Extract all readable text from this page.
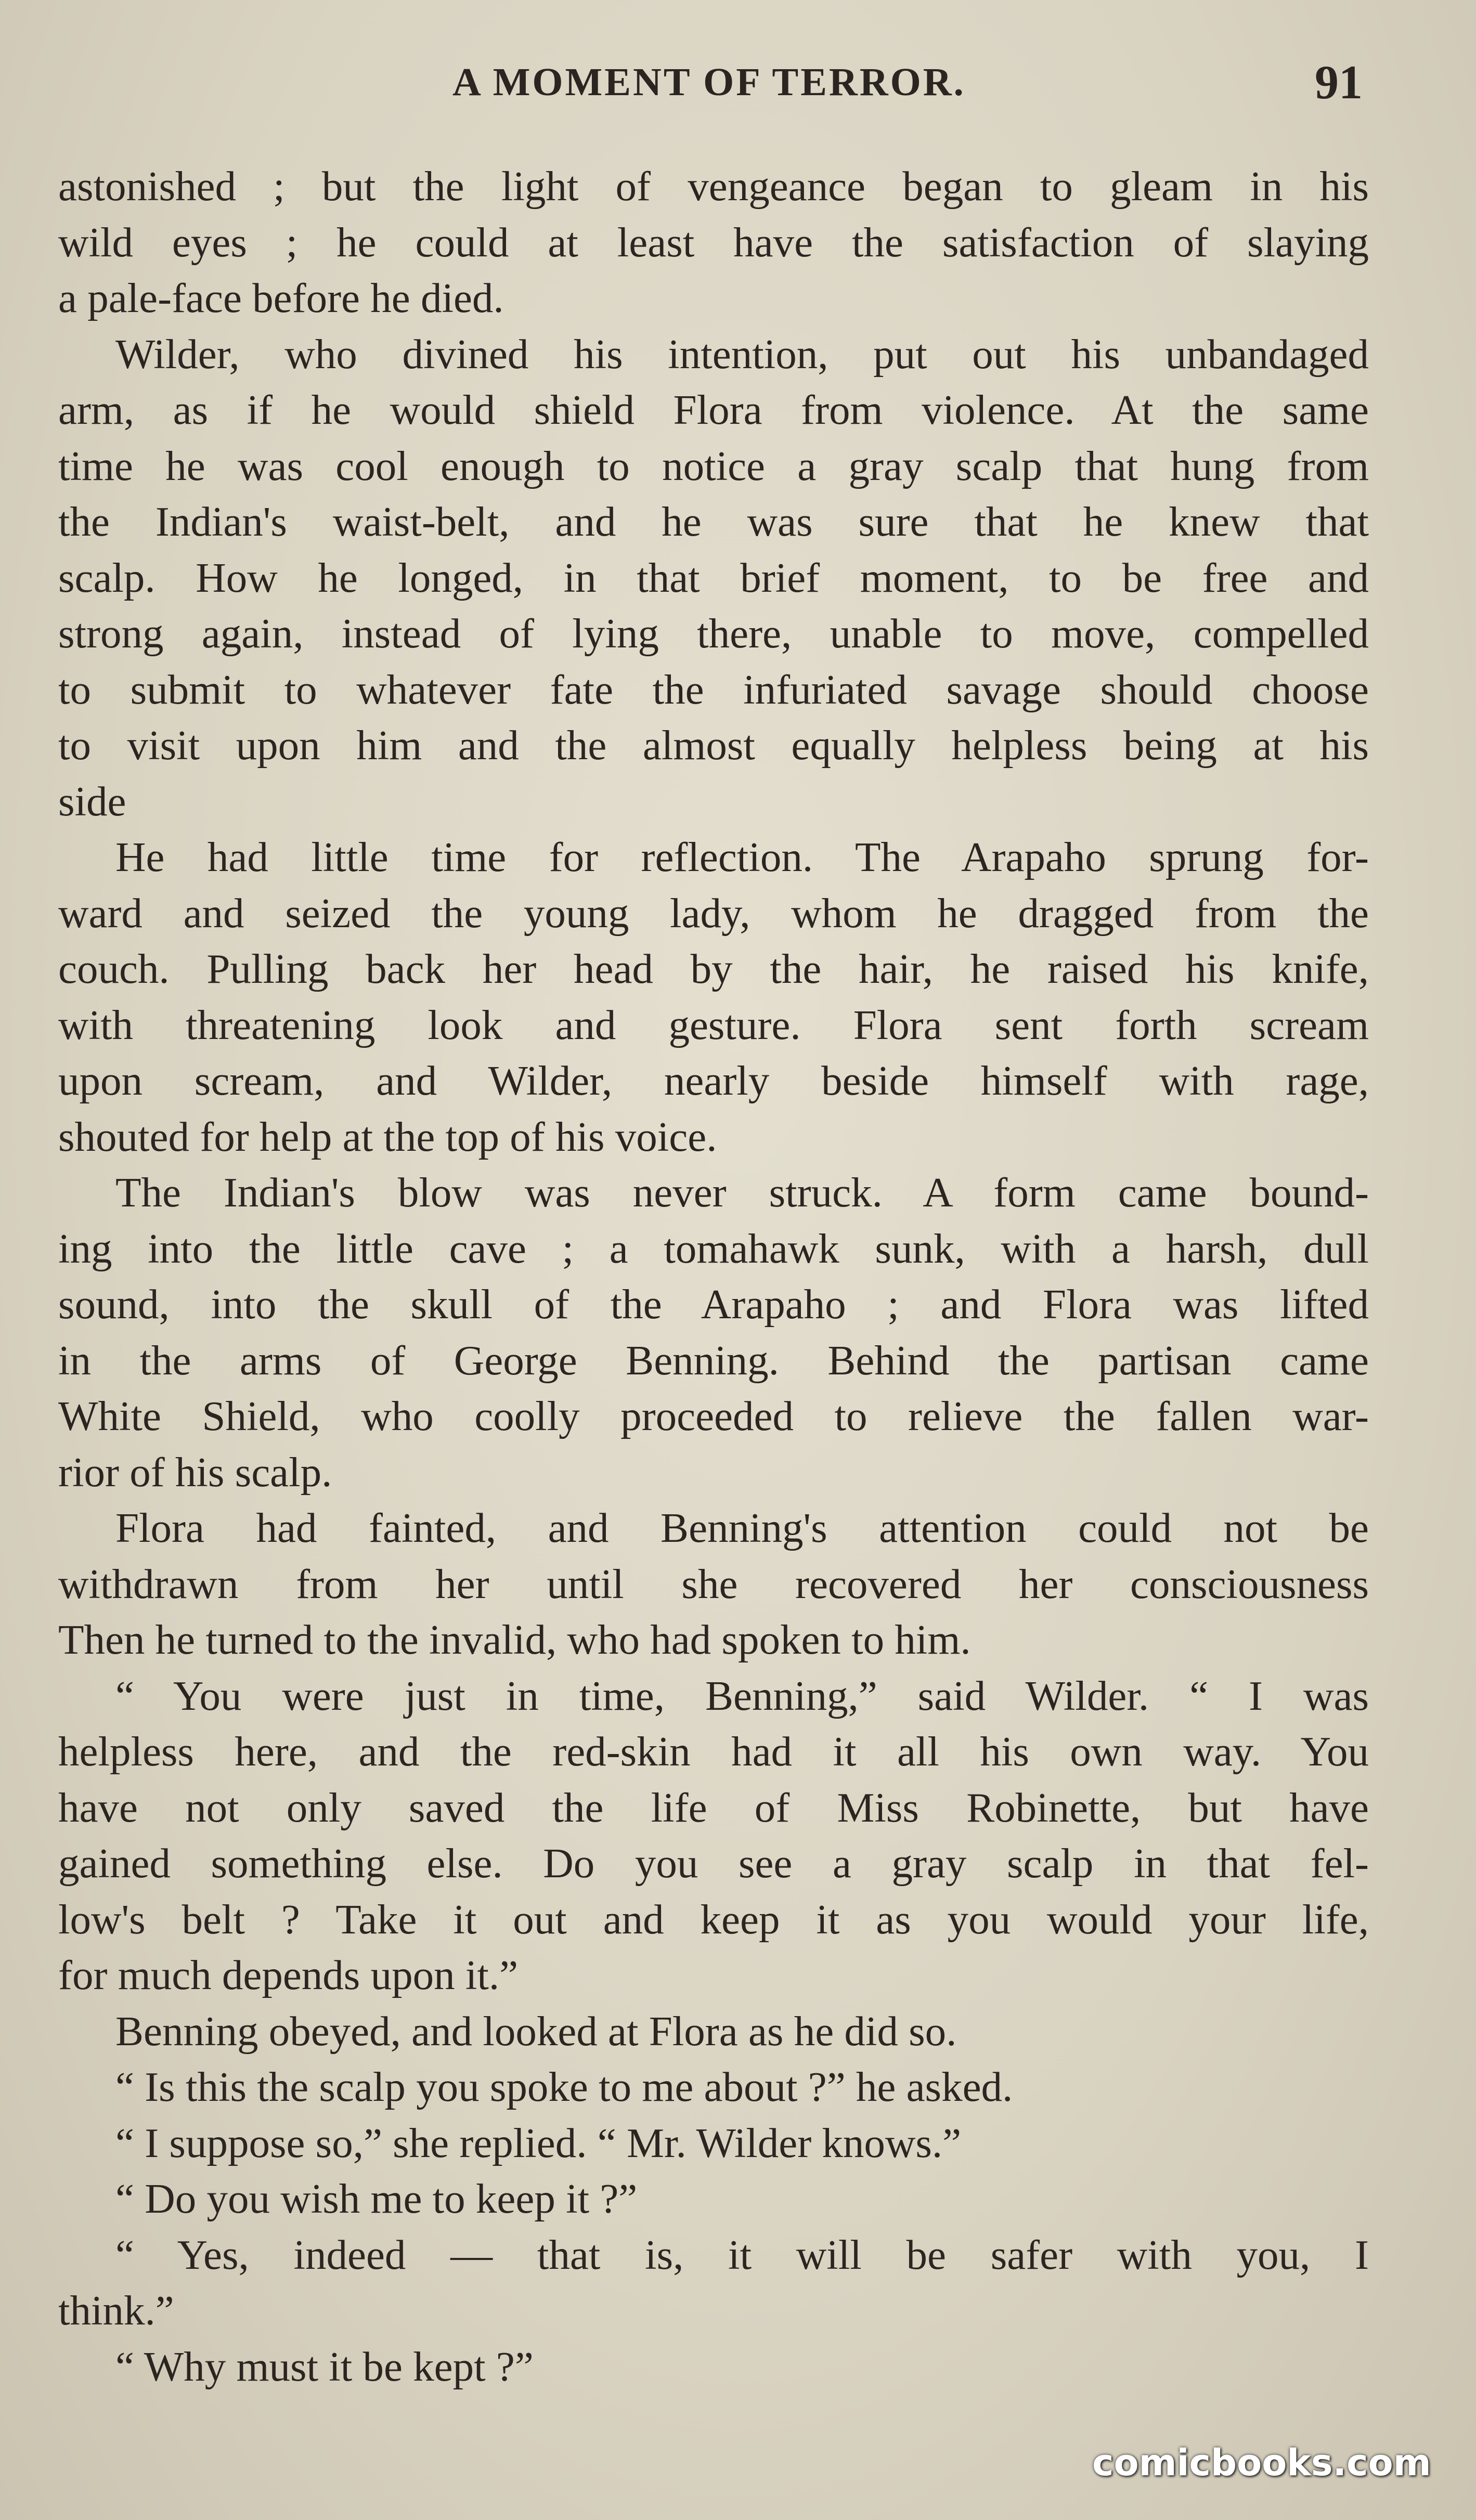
A MOMENT OF TERROR.	91
astonished ; but the light of vengeance began to gleam in his
wild eyes ; he could at least have the satisfaction of slaying
a pale-face before he died.
Wilder, who divined his intention, put out his unbandaged
arm, as if he would shield Flora from violence. At the same
time he was cool enough to notice a gray scalp that hung from
the Indian's waist-belt, and he was sure that he knew that
scalp. How he longed, in that brief moment, to be free and
strong again, instead of lying there, unable to move, compelled
to submit to whatever fate the infuriated savage should choose
to visit upon him and the almost equally helpless being at his
side
He had little time for reflection. The Arapaho sprung for-
ward and seized the young lady, whom he dragged from the
couch. Pulling back her head by the hair, he raised his knife,
with threatening look and gesture. Flora sent forth scream
upon scream, and Wilder, nearly beside himself with rage,
shouted for help at the top of his voice.
The Indian's blow was never struck. A form came bound-
ing into the little cave ; a tomahawk sunk, with a harsh, dull
sound, into the skull of the Arapaho ; and Flora was lifted
in the arms of George Benning. Behind the partisan came
White Shield, who coolly proceeded to relieve the fallen war-
rior of his scalp.
Flora had fainted, and Benning's attention could not be
withdrawn from her until she recovered her consciousness
Then he turned to the invalid, who had spoken to him.
“ You were just in time, Benning,” said Wilder. “ I was
helpless here, and the red-skin had it all his own way. You
have not only saved the life of Miss Robinette, but have
gained something else. Do you see a gray scalp in that fel-
low's belt ? Take it out and keep it as you would your life,
for much depends upon it.”
Benning obeyed, and looked at Flora as he did so.
“ Is this the scalp you spoke to me about ?” he asked.
“ I suppose so,” she replied. “ Mr. Wilder knows.”
“ Do you wish me to keep it ?”
“ Yes, indeed — that is, it will be safer with you, I
think.”
“ Why must it be kept ?”
comicbooks.com
